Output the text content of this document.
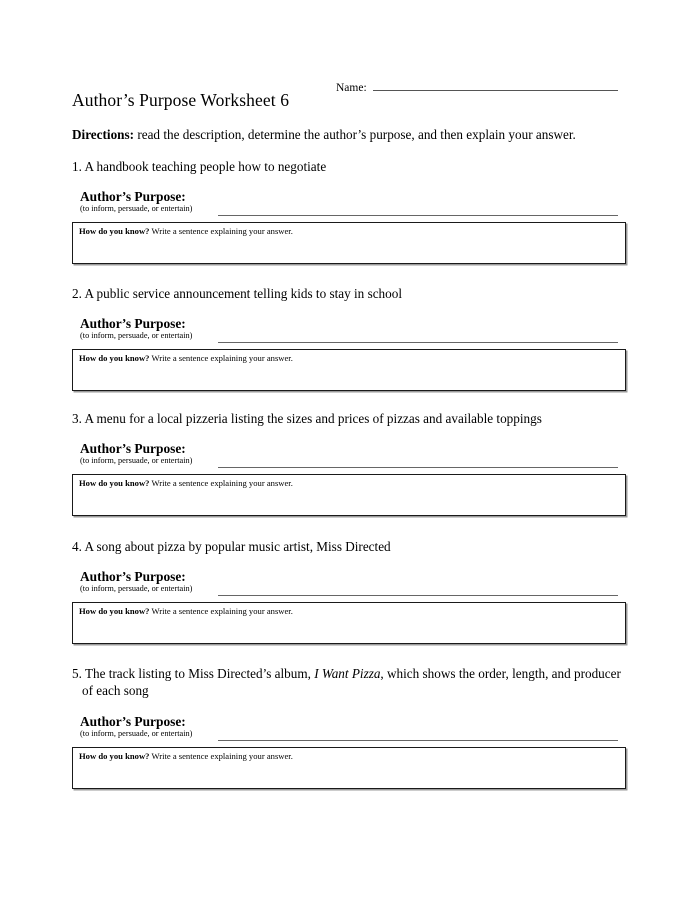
Name:
Author’s Purpose Worksheet 6
Directions: read the description, determine the author’s purpose, and then explain your answer.

1. A handbook teaching people how to negotiate

Author’s Purpose:
(to inform, persuade, or entertain)
How do you know? Write a sentence explaining your answer.

2. A public service announcement telling kids to stay in school

Author’s Purpose:
(to inform, persuade, or entertain)
How do you know? Write a sentence explaining your answer.

3. A menu for a local pizzeria listing the sizes and prices of pizzas and available toppings

Author’s Purpose:
(to inform, persuade, or entertain)
How do you know? Write a sentence explaining your answer.

4. A song about pizza by popular music artist, Miss Directed

Author’s Purpose:
(to inform, persuade, or entertain)
How do you know? Write a sentence explaining your answer.

5. The track listing to Miss Directed’s album, I Want Pizza, which shows the order, length, and producer of each song

Author’s Purpose:
(to inform, persuade, or entertain)
How do you know? Write a sentence explaining your answer.
